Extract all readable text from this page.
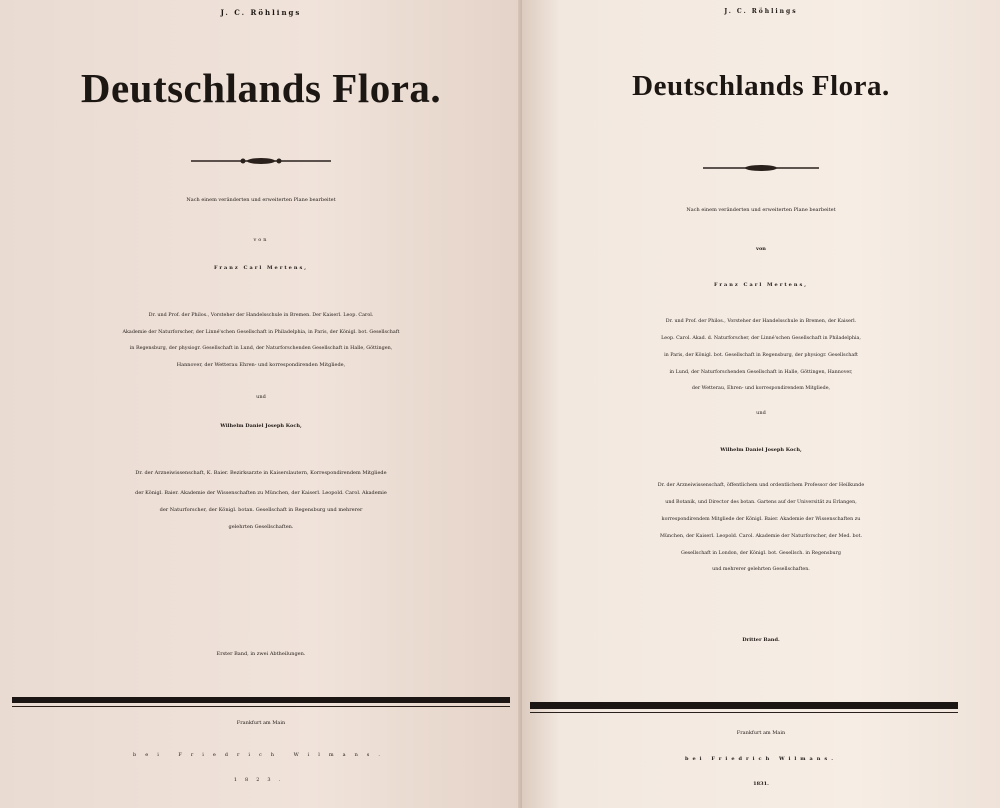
J. C. Röhlings
Deutschlands Flora.
Nach einem veränderten und erweiterten Plane bearbeitet
von
Franz Carl Mertens,
Dr. und Prof. der Philos., Vorsteher der Handelsschule in Bremen. Der Kaiserl. Leop. Carol.
Akademie der Naturforscher, der Linné'schen Gesellschaft in Philadelphia, in Paris, der Königl. bot. Gesellschaft
in Regensburg, der physiogr. Gesellschaft in Lund, der Naturforschenden Gesellschaft in Halle, Göttingen,
Hannover, der Wetterau Ehren- und korrespondirenden Mitgliede,
und
Wilhelm Daniel Joseph Koch,
Dr. der Arzneiwissenschaft, K. Baier. Bezirksarzte in Kaiserslautern, Korrespondirendem Mitgliede
der Königl. Baier. Akademie der Wissenschaften zu München, der Kaiserl. Leopold. Carol. Akademie
der Naturforscher, der Königl. botan. Gesellschaft in Regensburg und mehrerer
gelehrten Gesellschaften.
Erster Band, in zwei Abtheilungen.
Frankfurt am Main
bei Friedrich Wilmans.
1823.
J. C. Röhlings
Deutschlands Flora.
Nach einem veränderten und erweiterten Plane bearbeitet
von
Franz Carl Mertens,
Dr. und Prof. der Philos., Vorsteher der Handelsschule in Bremen, der Kaiserl.
Leop. Carol. Akad. d. Naturforscher, der Linné'schen Gesellschaft in Philadelphia,
in Paris, der Königl. bot. Gesellschaft in Regensburg, der physiogr. Gesellschaft
in Lund, der Naturforschenden Gesellschaft in Halle, Göttingen, Hannover,
der Wetterau, Ehren- und korrespondirendem Mitgliede,
und
Wilhelm Daniel Joseph Koch,
Dr. der Arzneiwissenschaft, öffentlichem und ordentlichem Professor der Heilkunde
und Botanik, und Director des botan. Gartens auf der Universität zu Erlangen,
korrespondirendem Mitgliede der Königl. Baier. Akademie der Wissenschaften zu
München, der Kaiserl. Leopold. Carol. Akademie der Naturforscher, der Med. bot.
Gesellschaft in London, der Königl. bot. Gesellsch. in Regensburg
und mehrerer gelehrten Gesellschaften.
Dritter Band.
Frankfurt am Main
bei Friedrich Wilmans.
1831.
